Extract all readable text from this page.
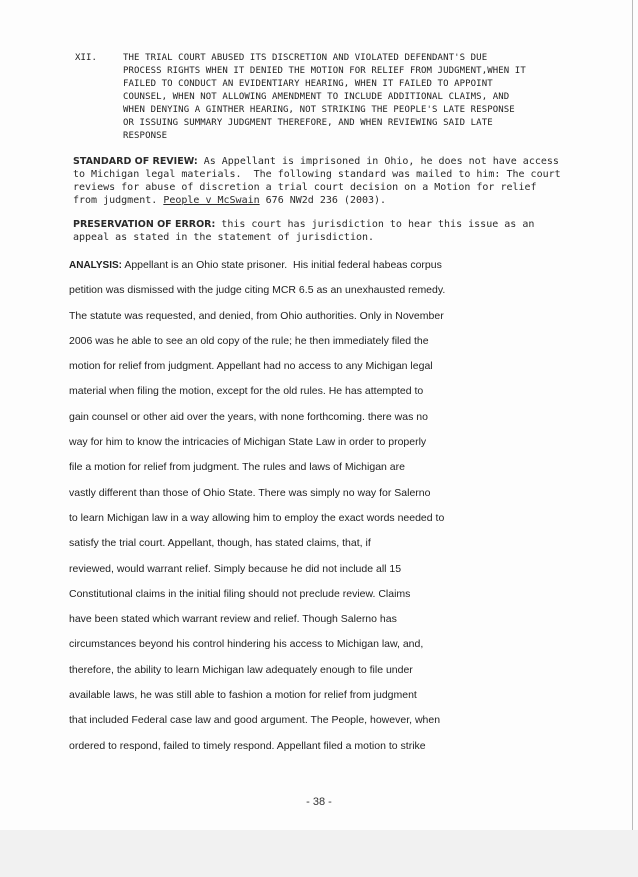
XII.	THE TRIAL COURT ABUSED ITS DISCRETION AND VIOLATED DEFENDANT'S DUE
PROCESS RIGHTS WHEN IT DENIED THE MOTION FOR RELIEF FROM JUDGMENT,WHEN IT
FAILED TO CONDUCT AN EVIDENTIARY HEARING, WHEN IT FAILED TO APPOINT
COUNSEL, WHEN NOT ALLOWING AMENDMENT TO INCLUDE ADDITIONAL CLAIMS, AND
WHEN DENYING A GINTHER HEARING, NOT STRIKING THE PEOPLE'S LATE RESPONSE
OR ISSUING SUMMARY JUDGMENT THEREFORE, AND WHEN REVIEWING SAID LATE
RESPONSE
STANDARD OF REVIEW: As Appellant is imprisoned in Ohio, he does not have access
to Michigan legal materials.  The following standard was mailed to him: The court
reviews for abuse of discretion a trial court decision on a Motion for relief
from judgment. People v McSwain 676 NW2d 236 (2003).
PRESERVATION OF ERROR: this court has jurisdiction to hear this issue as an
appeal as stated in the statement of jurisdiction.
ANALYSIS: Appellant is an Ohio state prisoner.  His initial federal habeas corpus
petition was dismissed with the judge citing MCR 6.5 as an unexhausted remedy.
The statute was requested, and denied, from Ohio authorities. Only in November
2006 was he able to see an old copy of the rule; he then immediately filed the
motion for relief from judgment. Appellant had no access to any Michigan legal
material when filing the motion, except for the old rules. He has attempted to
gain counsel or other aid over the years, with none forthcoming. there was no
way for him to know the intricacies of Michigan State Law in order to properly
file a motion for relief from judgment. The rules and laws of Michigan are
vastly different than those of Ohio State. There was simply no way for Salerno
to learn Michigan law in a way allowing him to employ the exact words needed to
satisfy the trial court. Appellant, though, has stated claims, that, if
reviewed, would warrant relief. Simply because he did not include all 15
Constitutional claims in the initial filing should not preclude review. Claims
have been stated which warrant review and relief. Though Salerno has
circumstances beyond his control hindering his access to Michigan law, and,
therefore, the ability to learn Michigan law adequately enough to file under
available laws, he was still able to fashion a motion for relief from judgment
that included Federal case law and good argument. The People, however, when
ordered to respond, failed to timely respond. Appellant filed a motion to strike
- 38 -
